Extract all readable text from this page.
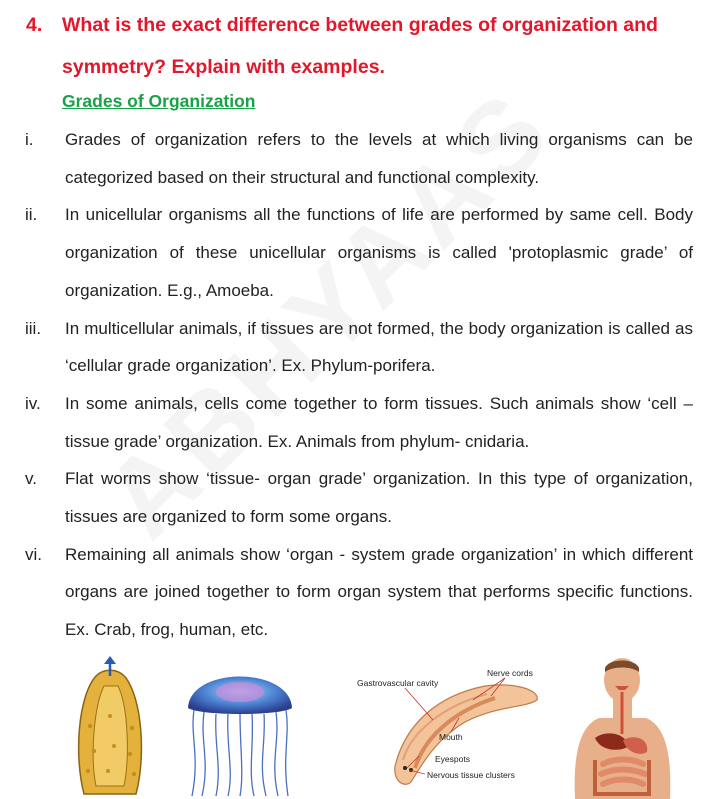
4.	What is the exact difference between grades of organization and symmetry? Explain with examples.
Grades of Organization
i. Grades of organization refers to the levels at which living organisms can be categorized based on their structural and functional complexity.
ii. In unicellular organisms all the functions of life are performed by same cell. Body organization of these unicellular organisms is called 'protoplasmic grade’ of organization. E.g., Amoeba.
iii. In multicellular animals, if tissues are not formed, the body organization is called as ‘cellular grade organization’. Ex. Phylum-porifera.
iv. In some animals, cells come together to form tissues. Such animals show ‘cell – tissue grade’ organization. Ex. Animals from phylum- cnidaria.
v. Flat worms show ‘tissue- organ grade’ organization. In this type of organization, tissues are organized to form some organs.
vi. Remaining all animals show ‘organ - system grade organization’ in which different organs are joined together to form organ system that performs specific functions. Ex. Crab, frog, human, etc.
Nerve cords
Gastrovascular cavity
Mouth
Eyespots
Nervous tissue clusters
